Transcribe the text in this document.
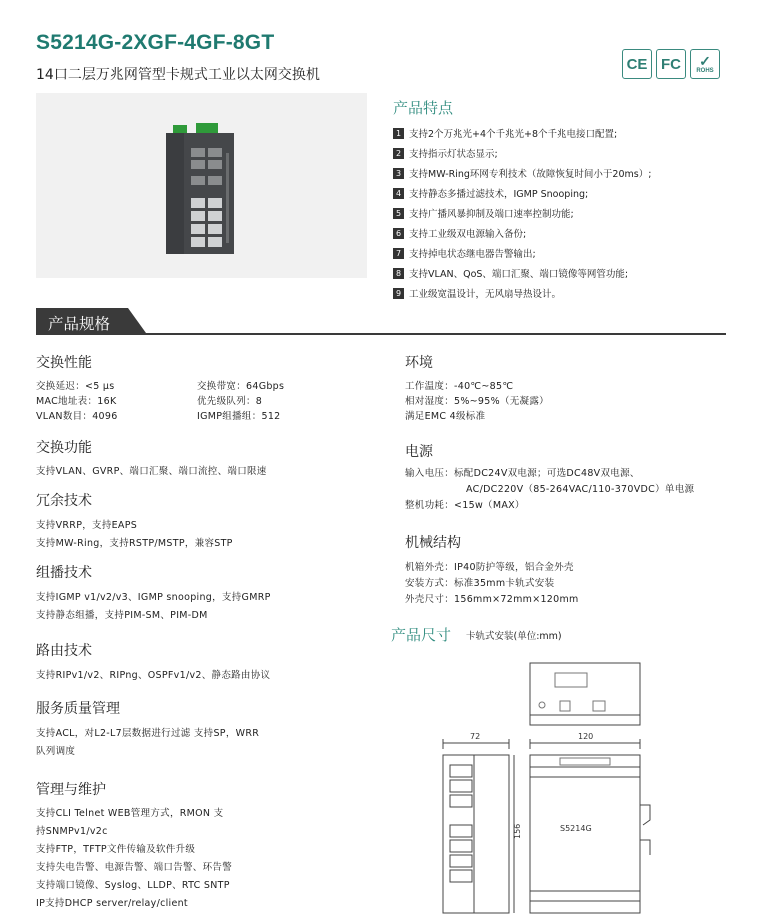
S5214G-2XGF-4GF-8GT
14口二层万兆网管型卡规式工业以太网交换机
CE FC	✓
ROHS
产品特点
1 支持2个万兆光+4个千兆光+8个千兆电接口配置;
2 支持指示灯状态显示;
3 支持MW-Ring环网专利技术（故障恢复时间小于20ms）;
4 支持静态多播过滤技术，IGMP Snooping;
5 支持广播风暴抑制及端口速率控制功能;
6 支持工业级双电源输入备份;
7 支持掉电状态继电器告警输出;
8 支持VLAN、QoS、端口汇聚、端口镜像等网管功能;
9 工业级宽温设计，无风扇导热设计。
产品规格
交换性能
交换延迟：<5 μs	交换带宽：64Gbps
MAC地址表：16K	优先级队列：8
VLAN数目：4096	IGMP组播组：512
交换功能
支持VLAN、GVRP、端口汇聚、端口流控、端口限速
冗余技术
支持VRRP，支持EAPS
支持MW-Ring，支持RSTP/MSTP，兼容STP
组播技术
支持IGMP v1/v2/v3、IGMP snooping，支持GMRP
支持静态组播，支持PIM-SM、PIM-DM
路由技术
支持RIPv1/v2、RIPng、OSPFv1/v2、静态路由协议
服务质量管理
支持ACL，对L2-L7层数据进行过滤 支持SP，WRR
队列调度
管理与维护
支持CLI Telnet WEB管理方式，RMON 支
持SNMPv1/v2c
支持FTP，TFTP文件传输及软件升级
支持失电告警、电源告警、端口告警、环告警
支持端口镜像、Syslog、LLDP、RTC SNTP
IP支持DHCP server/relay/client
环境
工作温度：-40℃~85℃
相对湿度：5%~95%（无凝露）
满足EMC 4级标准
电源
输入电压：标配DC24V双电源；可选DC48V双电源、
AC/DC220V（85-264VAC/110-370VDC）单电源
整机功耗：<15w（MAX）
机械结构
机箱外壳：IP40防护等级，铝合金外壳
安装方式：标准35mm卡轨式安装
外壳尺寸：156mm×72mm×120mm
产品尺寸 卡轨式安装(单位:mm)
72	120
156	S5214G
